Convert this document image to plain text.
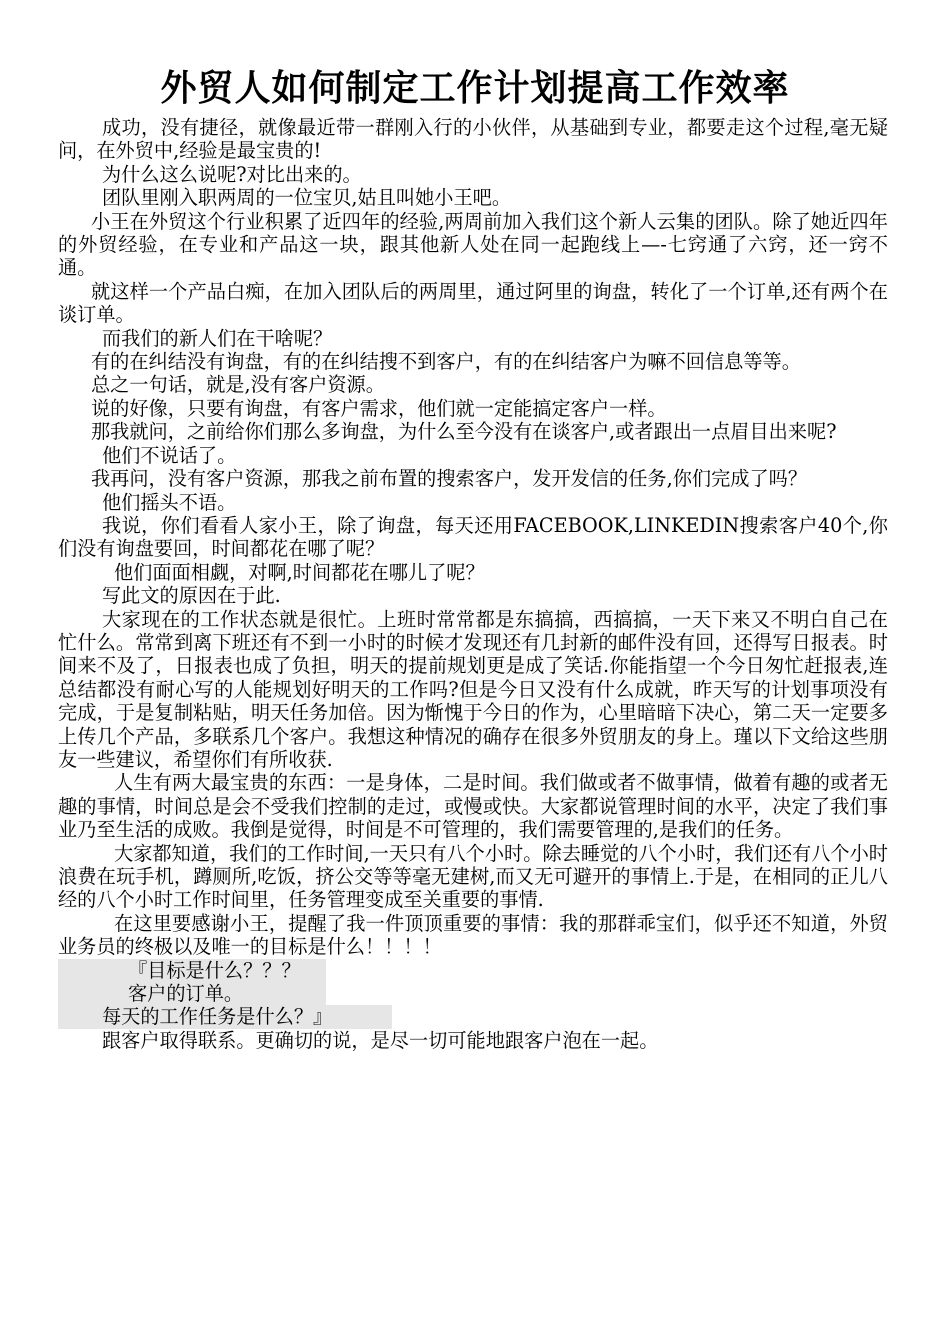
外贸人如何制定工作计划提高工作效率

成功，没有捷径，就像最近带一群刚入行的小伙伴，从基础到专业，都要走这个过程,毫无疑问，在外贸中,经验是最宝贵的!

为什么这么说呢?对比出来的。

团队里刚入职两周的一位宝贝,姑且叫她小王吧。

小王在外贸这个行业积累了近四年的经验,两周前加入我们这个新人云集的团队。除了她近四年的外贸经验，在专业和产品这一块，跟其他新人处在同一起跑线上—-七窍通了六窍，还一窍不通。

就这样一个产品白痴，在加入团队后的两周里，通过阿里的询盘，转化了一个订单,还有两个在谈订单。

而我们的新人们在干啥呢？

有的在纠结没有询盘，有的在纠结搜不到客户，有的在纠结客户为嘛不回信息等等。

总之一句话，就是,没有客户资源。

说的好像，只要有询盘，有客户需求，他们就一定能搞定客户一样。

那我就问，之前给你们那么多询盘，为什么至今没有在谈客户,或者跟出一点眉目出来呢?

他们不说话了。

我再问，没有客户资源，那我之前布置的搜索客户，发开发信的任务,你们完成了吗？

他们摇头不语。

我说，你们看看人家小王，除了询盘，每天还用FACEBOOK,LINKEDIN搜索客户40个,你们没有询盘要回，时间都花在哪了呢？

他们面面相觑，对啊,时间都花在哪儿了呢？

写此文的原因在于此.

大家现在的工作状态就是很忙。上班时常常都是东搞搞，西搞搞，一天下来又不明白自己在忙什么。常常到离下班还有不到一小时的时候才发现还有几封新的邮件没有回，还得写日报表。时间来不及了，日报表也成了负担，明天的提前规划更是成了笑话.你能指望一个今日匆忙赶报表,连总结都没有耐心写的人能规划好明天的工作吗?但是今日又没有什么成就，昨天写的计划事项没有完成，于是复制粘贴，明天任务加倍。因为惭愧于今日的作为，心里暗暗下决心，第二天一定要多上传几个产品，多联系几个客户。我想这种情况的确存在很多外贸朋友的身上。瑾以下文给这些朋友一些建议，希望你们有所收获.

人生有两大最宝贵的东西：一是身体，二是时间。我们做或者不做事情，做着有趣的或者无趣的事情，时间总是会不受我们控制的走过，或慢或快。大家都说管理时间的水平，决定了我们事业乃至生活的成败。我倒是觉得，时间是不可管理的，我们需要管理的,是我们的任务。

大家都知道，我们的工作时间,一天只有八个小时。除去睡觉的八个小时，我们还有八个小时浪费在玩手机，蹲厕所,吃饭，挤公交等等毫无建树,而又无可避开的事情上.于是，在相同的正儿八经的八个小时工作时间里，任务管理变成至关重要的事情.

在这里要感谢小王，提醒了我一件顶顶重要的事情：我的那群乖宝们，似乎还不知道，外贸业务员的终极以及唯一的目标是什么！！！！

『目标是什么？？？
客户的订单。
每天的工作任务是什么？』

跟客户取得联系。更确切的说，是尽一切可能地跟客户泡在一起。
